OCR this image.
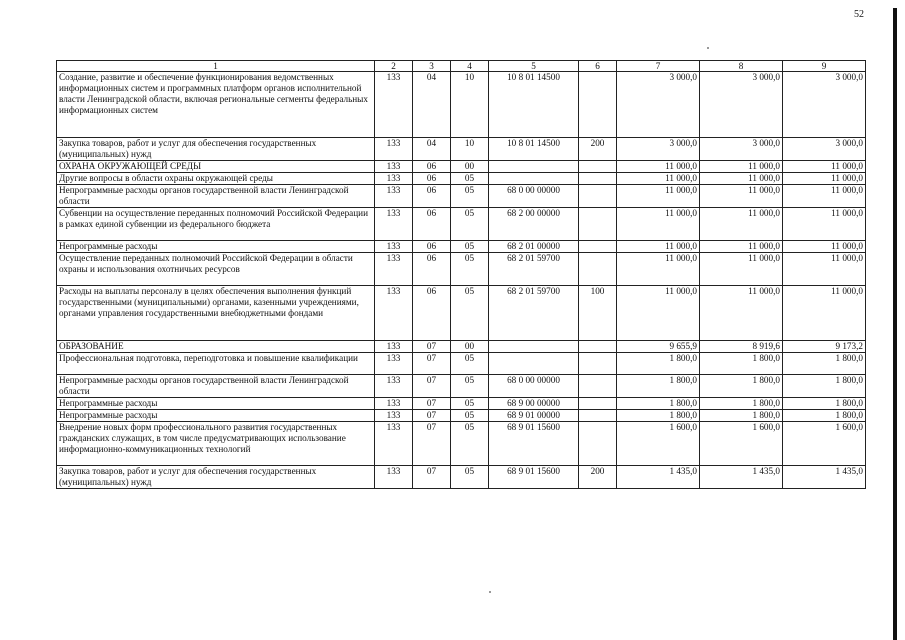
52
1	2	3	4	5	6	7	8	9
Создание, развитие и обеспечение функционирования ведомственных информационных систем и программных платформ органов исполнительной власти Ленинградской области, включая региональные сегменты федеральных информационных систем	133	04	10	10 8 01 14500		3 000,0	3 000,0	3 000,0
Закупка товаров, работ и услуг для обеспечения государственных (муниципальных) нужд	133	04	10	10 8 01 14500	200	3 000,0	3 000,0	3 000,0
ОХРАНА ОКРУЖАЮЩЕЙ СРЕДЫ	133	06	00			11 000,0	11 000,0	11 000,0
Другие вопросы в области охраны окружающей среды	133	06	05			11 000,0	11 000,0	11 000,0
Непрограммные расходы органов государственной власти Ленинградской области	133	06	05	68 0 00 00000		11 000,0	11 000,0	11 000,0
Субвенции на осуществление переданных полномочий Российской Федерации в рамках единой субвенции из федерального бюджета	133	06	05	68 2 00 00000		11 000,0	11 000,0	11 000,0
Непрограммные расходы	133	06	05	68 2 01 00000		11 000,0	11 000,0	11 000,0
Осуществление переданных полномочий Российской Федерации в области охраны и использования охотничьих ресурсов	133	06	05	68 2 01 59700		11 000,0	11 000,0	11 000,0
Расходы на выплаты персоналу в целях обеспечения выполнения функций государственными (муниципальными) органами, казенными учреждениями, органами управления государственными внебюджетными фондами	133	06	05	68 2 01 59700	100	11 000,0	11 000,0	11 000,0
ОБРАЗОВАНИЕ	133	07	00			9 655,9	8 919,6	9 173,2
Профессиональная подготовка, переподготовка и повышение квалификации	133	07	05			1 800,0	1 800,0	1 800,0
Непрограммные расходы органов государственной власти Ленинградской области	133	07	05	68 0 00 00000		1 800,0	1 800,0	1 800,0
Непрограммные расходы	133	07	05	68 9 00 00000		1 800,0	1 800,0	1 800,0
Непрограммные расходы	133	07	05	68 9 01 00000		1 800,0	1 800,0	1 800,0
Внедрение новых форм профессионального развития государственных гражданских служащих, в том числе предусматривающих использование информационно-коммуникационных технологий	133	07	05	68 9 01 15600		1 600,0	1 600,0	1 600,0
Закупка товаров, работ и услуг для обеспечения государственных (муниципальных) нужд	133	07	05	68 9 01 15600	200	1 435,0	1 435,0	1 435,0
